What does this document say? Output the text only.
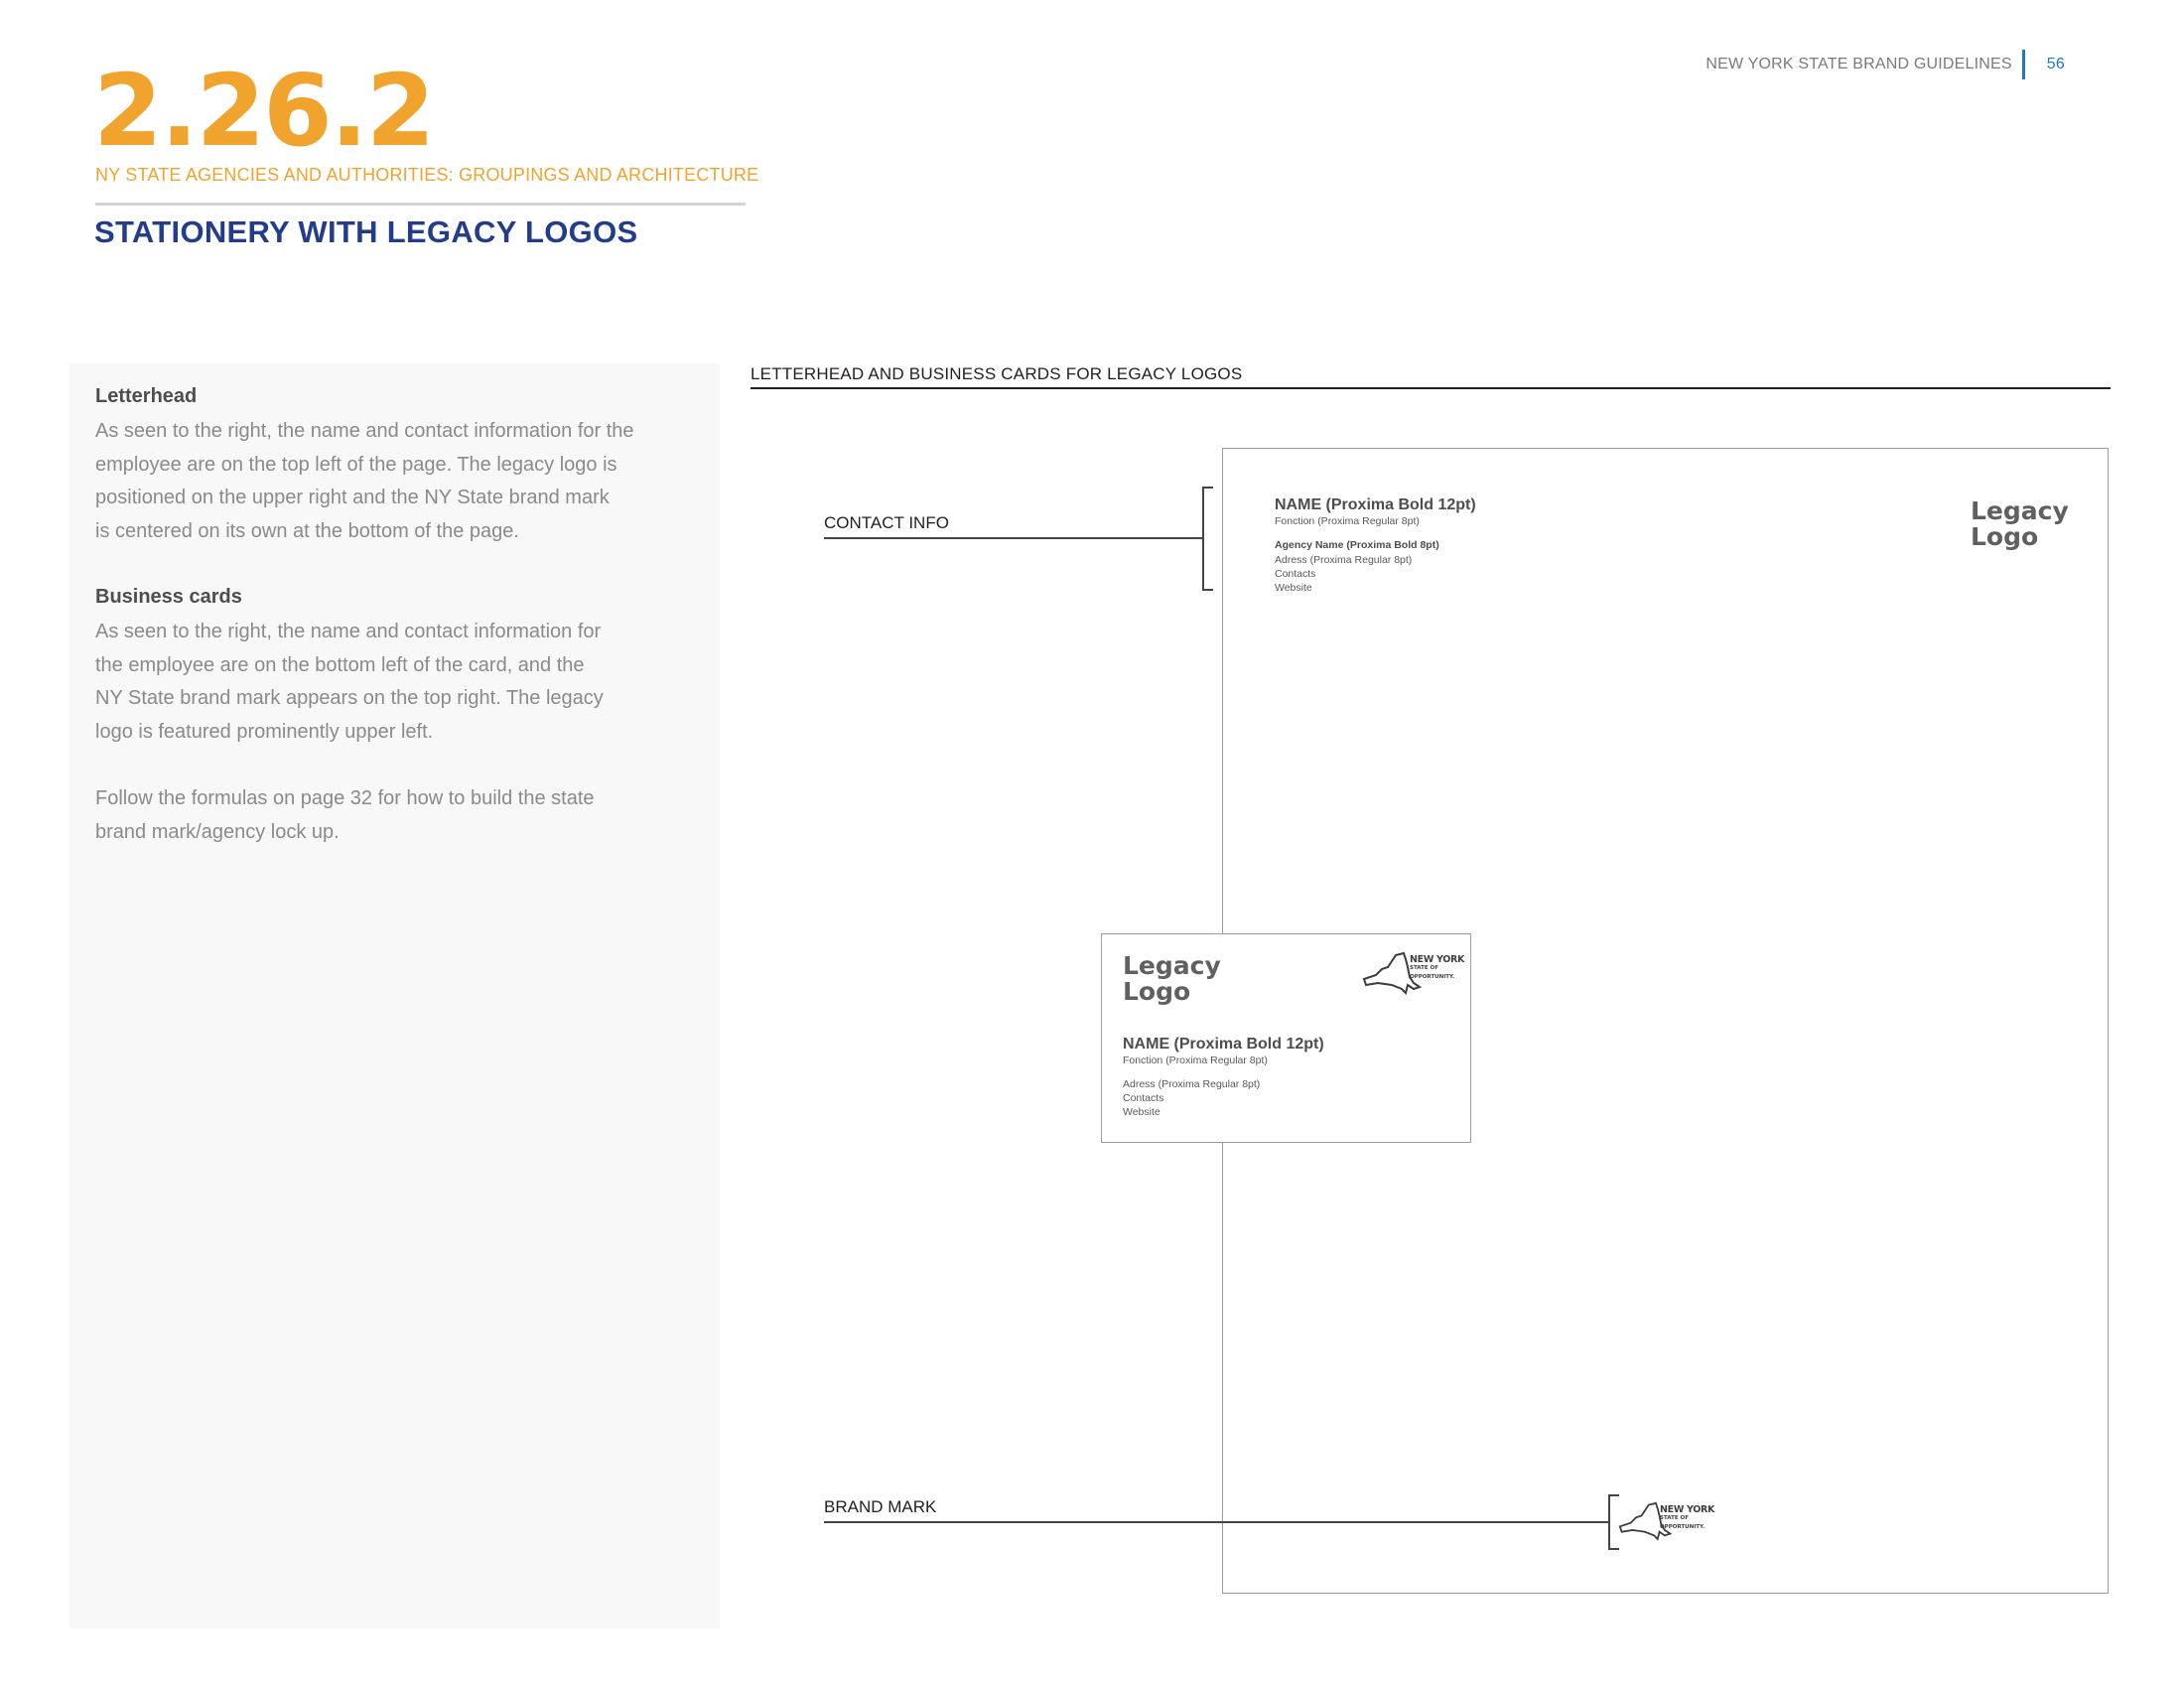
NEW YORK STATE BRAND GUIDELINES 56
2.26.2
NY STATE AGENCIES AND AUTHORITIES: GROUPINGS AND ARCHITECTURE
STATIONERY WITH LEGACY LOGOS
Letterhead
As seen to the right, the name and contact information for the
employee are on the top left of the page. The legacy logo is
positioned on the upper right and the NY State brand mark
is centered on its own at the bottom of the page.
Business cards
As seen to the right, the name and contact information for
the employee are on the bottom left of the card, and the
NY State brand mark appears on the top right. The legacy
logo is featured prominently upper left.
Follow the formulas on page 32 for how to build the state
brand mark/agency lock up.
LETTERHEAD AND BUSINESS CARDS FOR LEGACY LOGOS
CONTACT INFO
NAME (Proxima Bold 12pt)
Fonction (Proxima Regular 8pt)
Agency Name (Proxima Bold 8pt)
Adress (Proxima Regular 8pt)
Contacts
Website
Legacy
Logo
Legacy
Logo
NEW YORK
STATE OF
OPPORTUNITY.
NAME (Proxima Bold 12pt)
Fonction (Proxima Regular 8pt)
Adress (Proxima Regular 8pt)
Contacts
Website
BRAND MARK	NEW YORK
STATE OF
OPPORTUNITY.
